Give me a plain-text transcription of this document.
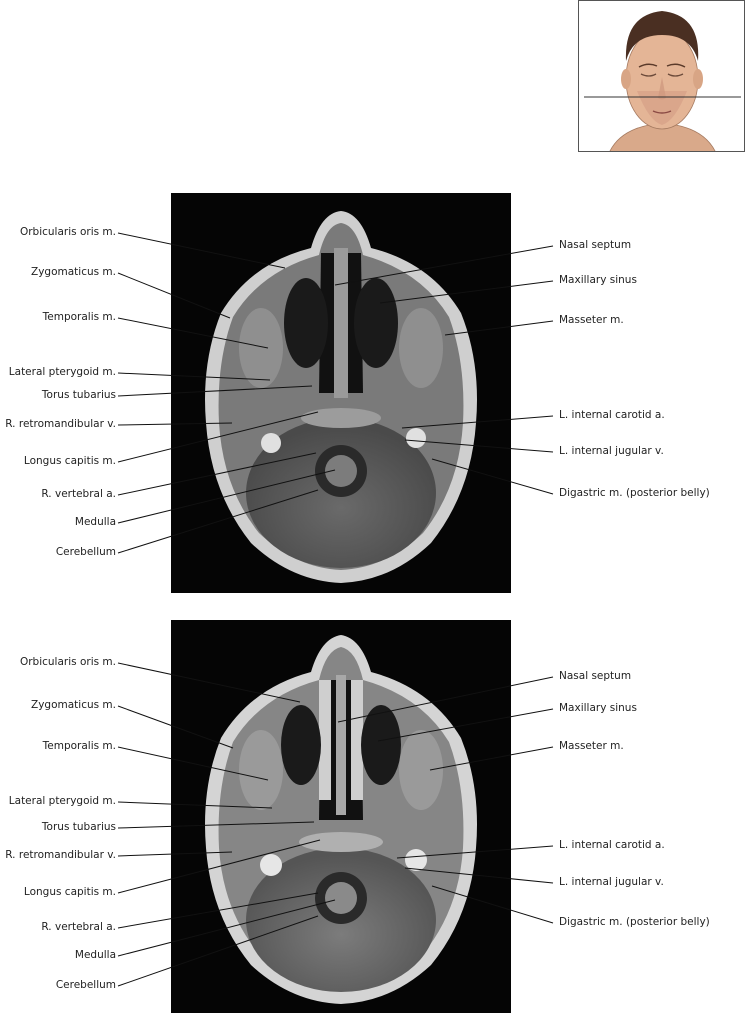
Orbicularis oris m.
Zygomaticus m.
Temporalis m.
Lateral pterygoid m.
Torus tubarius
R. retromandibular v.
Longus capitis m.
R. vertebral a.
Medulla
Cerebellum
Nasal septum
Maxillary sinus
Masseter m.
L. internal carotid a.
L. internal jugular v.
Digastric m. (posterior belly)
Orbicularis oris m.
Zygomaticus m.
Temporalis m.
Lateral pterygoid m.
Torus tubarius
R. retromandibular v.
Longus capitis m.
R. vertebral a.
Medulla
Cerebellum
Nasal septum
Maxillary sinus
Masseter m.
L. internal carotid a.
L. internal jugular v.
Digastric m. (posterior belly)
